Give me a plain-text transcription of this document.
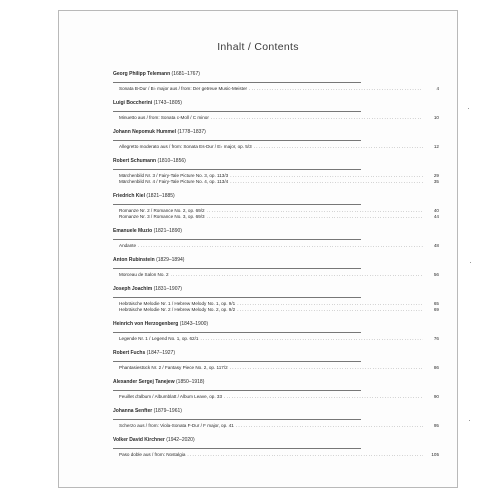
Inhalt / Contents
Georg Philipp Telemann (1681–1767)
Sonata B-Dur / B♭ major aus / from: Der getreue Music-Meister . . .	4
Luigi Boccherini (1743–1805)
Minuetto aus / from: Sonata c-Moll / C minor . . .	10
Johann Nepomuk Hummel (1778–1837)
Allegretto moderato aus / from: Sonata Es-Dur / E♭ major, op. 5/3 . . .	12
Robert Schumann (1810–1856)
Märchenbild Nr. 3 / Fairy-Tale Picture No. 3, op. 113/3 . . .	29
Märchenbild Nr. 4 / Fairy-Tale Picture No. 4, op. 113/4 . . .	35
Friedrich Kiel (1821–1885)
Romanze Nr. 2 / Romance No. 2, op. 69/2 . . .	40
Romanze Nr. 3 / Romance No. 3, op. 69/3 . . .	44
Emanuele Muzio (1821–1890)
Andante . . .	48
Anton Rubinstein (1829–1894)
Morceau de Salon No. 2 . . .	56
Joseph Joachim (1831–1907)
Hebräische Melodie Nr. 1 / Hebrew Melody No. 1, op. 9/1 . . .	65
Hebräische Melodie Nr. 2 / Hebrew Melody No. 2, op. 9/2 . . .	69
Heinrich von Herzogenberg (1843–1900)
Legende Nr. 1 / Legend No. 1, op. 62/1 . . .	76
Robert Fuchs (1847–1927)
Phantasiestück Nr. 2 / Fantasy Piece No. 2, op. 117/2 . . .	86
Alexander Sergej Tanejew (1850–1918)
Feuillet d'album / Albumblatt / Album Leave, op. 33 . . .	90
Johanna Senfter (1879–1961)
Scherzo aus / from: Viola-Sonata F-Dur / F major, op. 41 . . .	95
Volker David Kirchner (1942–2020)
Paso doble aus / from: Nostalgia . . .	105
